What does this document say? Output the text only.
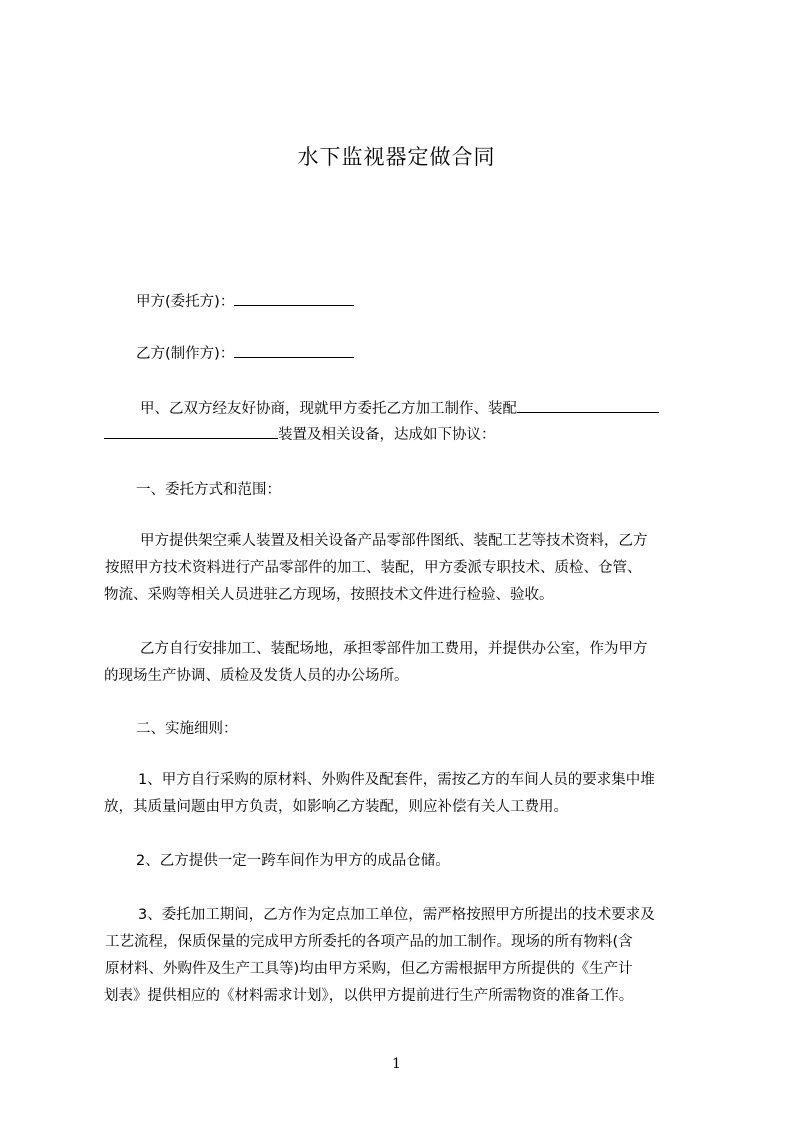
水下监视器定做合同
甲方(委托方)：
乙方(制作方)：
甲、乙双方经友好协商，现就甲方委托乙方加工制作、装配
装置及相关设备，达成如下协议：
一、委托方式和范围：
甲方提供架空乘人装置及相关设备产品零部件图纸、装配工艺等技术资料，乙方
按照甲方技术资料进行产品零部件的加工、装配，甲方委派专职技术、质检、仓管、
物流、采购等相关人员进驻乙方现场，按照技术文件进行检验、验收。
乙方自行安排加工、装配场地，承担零部件加工费用，并提供办公室，作为甲方
的现场生产协调、质检及发货人员的办公场所。
二、实施细则：
1、甲方自行采购的原材料、外购件及配套件，需按乙方的车间人员的要求集中堆
放，其质量问题由甲方负责，如影响乙方装配，则应补偿有关人工费用。
2、乙方提供一定一跨车间作为甲方的成品仓储。
3、委托加工期间，乙方作为定点加工单位，需严格按照甲方所提出的技术要求及
工艺流程，保质保量的完成甲方所委托的各项产品的加工制作。现场的所有物料(含
原材料、外购件及生产工具等)均由甲方采购，但乙方需根据甲方所提供的《生产计
划表》提供相应的《材料需求计划》，以供甲方提前进行生产所需物资的准备工作。
1
